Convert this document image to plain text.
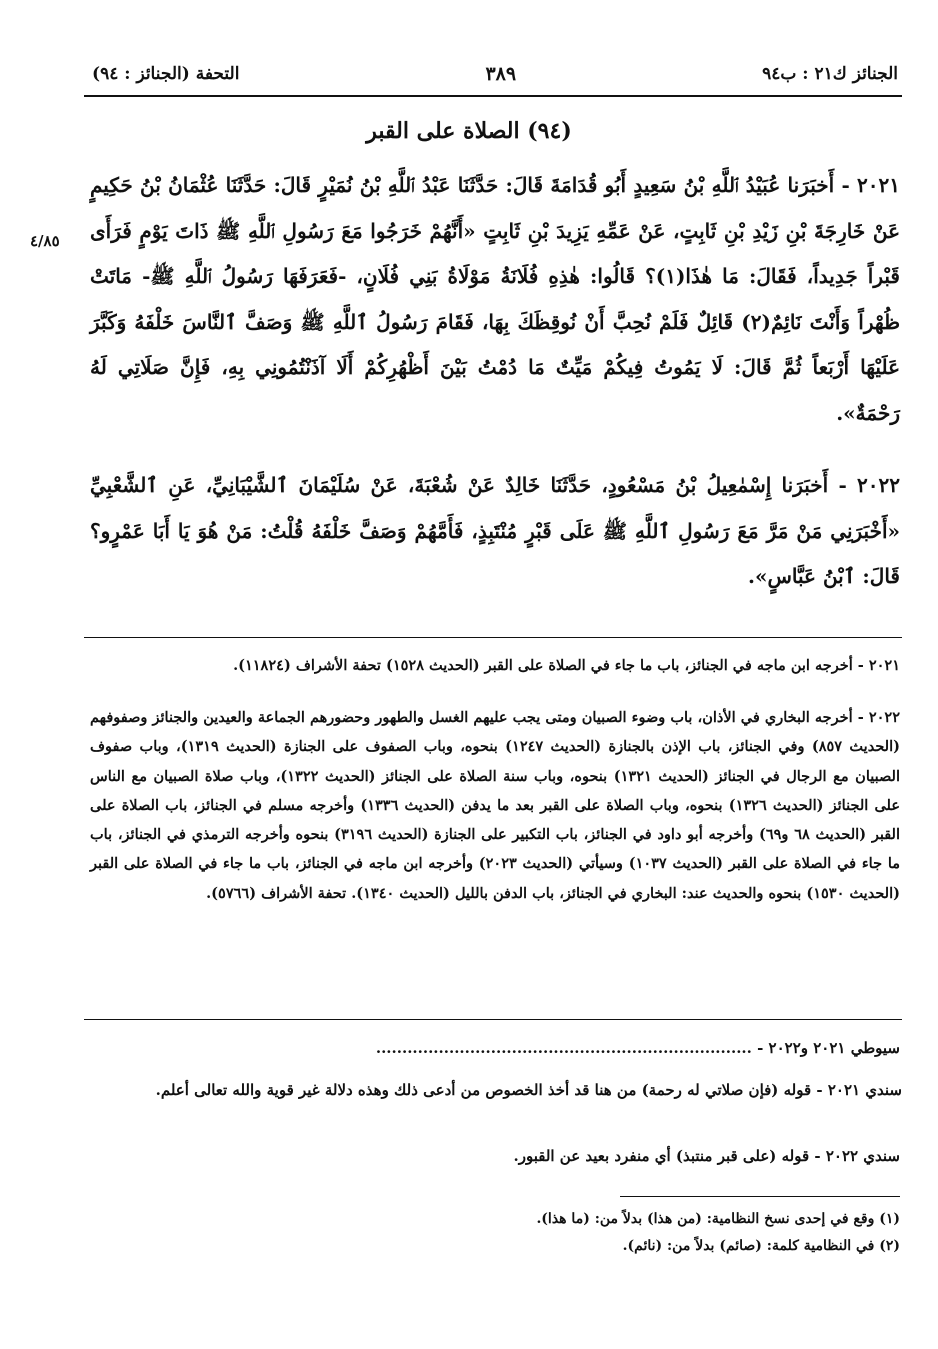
الجنائز ك٢١ : ب٩٤
٣٨٩
التحفة (الجنائز : ٩٤)
(٩٤) الصلاة على القبر
٤/٨٥
٢٠٢١ - أَخبَرَنا عُبَيْدُ ٱللَّهِ بْنُ سَعِيدٍ أَبُو قُدَامَةَ قَالَ: حَدَّثَنَا عَبْدُ ٱللَّهِ بْنُ نُمَيْرٍ قَالَ: حَدَّثَنَا عُثْمَانُ بْنُ حَكِيمٍ عَنْ خَارِجَةَ بْنِ زَيْدِ بْنِ ثَابِتٍ، عَنْ عَمِّهِ يَزِيدَ بْنِ ثَابِتٍ «أَنَّهُمْ خَرَجُوا مَعَ رَسُولِ ٱللَّهِ ﷺ ذَاتَ يَوْمٍ فَرَأَى قَبْراً جَدِيداً، فَقَالَ: مَا هٰذَا(١)؟ قَالُوا: هٰذِهِ فُلَانَةُ مَوْلَاةُ بَنِي فُلَانٍ، -فَعَرَفَهَا رَسُولُ ٱللَّهِ ﷺ- مَاتَتْ ظُهْراً وَأَنْتَ نَائِمٌ(٢) قَائِلٌ فَلَمْ نُحِبَّ أَنْ نُوقِظَكَ بِهَا، فَقَامَ رَسُولُ ٱللَّهِ ﷺ وَصَفَّ ٱلنَّاسَ خَلْفَهُ وَكَبَّرَ عَلَيْهَا أَرْبَعاً ثُمَّ قَالَ: لَا يَمُوتُ فِيكُمْ مَيِّتٌ مَا دُمْتُ بَيْنَ أَظْهُرِكُمْ أَلَا آذَنْتُمُونِي بِهِ، فَإِنَّ صَلَاتِي لَهُ رَحْمَةٌ».
٢٠٢٢ - أَخبَرَنا إِسْمٰعِيلُ بْنُ مَسْعُودٍ، حَدَّثَنَا خَالِدٌ عَنْ شُعْبَةَ، عَنْ سُلَيْمَانَ ٱلشَّيْبَانِيِّ، عَنِ ٱلشَّعْبِيِّ «أَخْبَرَنِي مَنْ مَرَّ مَعَ رَسُولِ ٱللَّهِ ﷺ عَلَى قَبْرٍ مُنْتَبِذٍ، فَأَمَّهُمْ وَصَفَّ خَلْفَهُ قُلْتُ: مَنْ هُوَ يَا أَبَا عَمْرٍو؟ قَالَ: ٱبْنُ عَبَّاسٍ».
٢٠٢١ - أخرجه ابن ماجه في الجنائز، باب ما جاء في الصلاة على القبر (الحديث ١٥٢٨) تحفة الأشراف (١١٨٢٤).
٢٠٢٢ - أخرجه البخاري في الأذان، باب وضوء الصبيان ومتى يجب عليهم الغسل والطهور وحضورهم الجماعة والعيدين والجنائز وصفوفهم (الحديث ٨٥٧) وفي الجنائز، باب الإذن بالجنازة (الحديث ١٢٤٧) بنحوه، وباب الصفوف على الجنازة (الحديث ١٣١٩)، وباب صفوف الصبيان مع الرجال في الجنائز (الحديث ١٣٢١) بنحوه، وباب سنة الصلاة على الجنائز (الحديث ١٣٢٢)، وباب صلاة الصبيان مع الناس على الجنائز (الحديث ١٣٢٦) بنحوه، وباب الصلاة على القبر بعد ما يدفن (الحديث ١٣٣٦) وأخرجه مسلم في الجنائز، باب الصلاة على القبر (الحديث ٦٨ و٦٩) وأخرجه أبو داود في الجنائز، باب التكبير على الجنازة (الحديث ٣١٩٦) بنحوه وأخرجه الترمذي في الجنائز، باب ما جاء في الصلاة على القبر (الحديث ١٠٣٧) وسيأتي (الحديث ٢٠٢٣) وأخرجه ابن ماجه في الجنائز، باب ما جاء في الصلاة على القبر (الحديث ١٥٣٠) بنحوه والحديث عند: البخاري في الجنائز، باب الدفن بالليل (الحديث ١٣٤٠). تحفة الأشراف (٥٧٦٦).
سيوطي ٢٠٢١ و٢٠٢٢ - ........................................................................
سندي ٢٠٢١ - قوله (فإن صلاتي له رحمة) من هنا قد أخذ الخصوص من أدعى ذلك وهذه دلالة غير قوية والله تعالى أعلم.
سندي ٢٠٢٢ - قوله (على قبر منتبذ) أي منفرد بعيد عن القبور.
(١) وقع في إحدى نسخ النظامية: (من هذا) بدلاً من: (ما هذا).
(٢) في النظامية كلمة: (صائم) بدلاً من: (نائم).
